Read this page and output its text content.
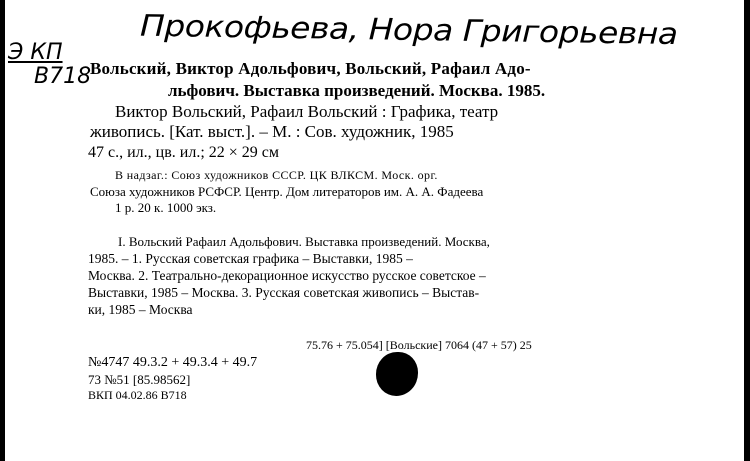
Прокофьева, Нора Григорьевна
Э КП
В718
Вольский, Виктор Адольфович, Вольский, Рафаил Адо-
льфович. Выставка произведений. Москва. 1985.
Виктор Вольский, Рафаил Вольский : Графика, театр
живопись. [Кат. выст.]. – М. : Сов. художник, 1985
47 с., ил., цв. ил.; 22 × 29 см
В надзаг.: Союз художников СССР. ЦК ВЛКСМ. Моск. орг.
Союза художников РСФСР. Центр. Дом литераторов им. А. А. Фадеева
1 р. 20 к. 1000 экз.
I. Вольский Рафаил Адольфович. Выставка произведений. Москва,
1985. – 1. Русская советская графика – Выставки, 1985 –
Москва. 2. Театрально-декорационное искусство русское советское –
Выставки, 1985 – Москва. 3. Русская советская живопись – Выстав-
ки, 1985 – Москва
75.76 + 75.054] [Вольские] 7064 (47 + 57) 25
№4747 49.3.2 + 49.3.4 + 49.7
73 №51 [85.98562]
ВКП 04.02.86 В718
